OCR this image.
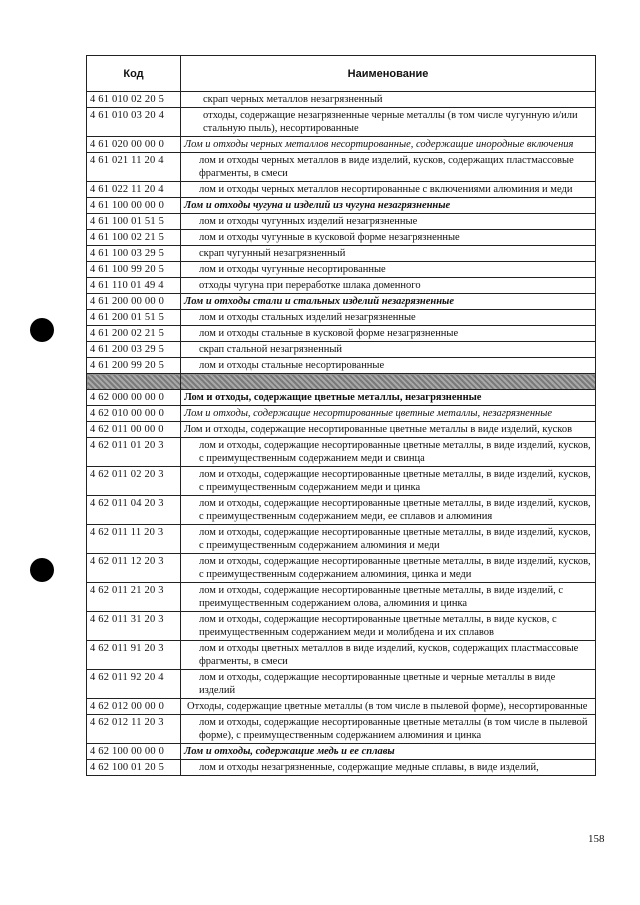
Код	Наименование
4 61 010 02 20 5	скрап черных металлов незагрязненный
4 61 010 03 20 4	отходы, содержащие незагрязненные черные металлы (в том числе чугунную и/или стальную пыль), несортированные
4 61 020 00 00 0	Лом и отходы черных металлов несортированные, содержащие инородные включения
4 61 021 11 20 4	лом и отходы черных металлов в виде изделий, кусков, содержащих пластмассовые фрагменты, в смеси
4 61 022 11 20 4	лом и отходы черных металлов несортированные с включениями алюминия и меди
4 61 100 00 00 0	Лом и отходы чугуна и изделий из чугуна незагрязненные
4 61 100 01 51 5	лом и отходы чугунных изделий незагрязненные
4 61 100 02 21 5	лом и отходы чугунные в кусковой форме незагрязненные
4 61 100 03 29 5	скрап чугунный незагрязненный
4 61 100 99 20 5	лом и отходы чугунные несортированные
4 61 110 01 49 4	отходы чугуна при переработке шлака доменного
4 61 200 00 00 0	Лом и отходы стали и стальных изделий незагрязненные
4 61 200 01 51 5	лом и отходы стальных изделий незагрязненные
4 61 200 02 21 5	лом и отходы стальные в кусковой форме незагрязненные
4 61 200 03 29 5	скрап стальной незагрязненный
4 61 200 99 20 5	лом и отходы стальные несортированные

4 62 000 00 00 0	Лом и отходы, содержащие цветные металлы, незагрязненные
4 62 010 00 00 0	Лом и отходы, содержащие несортированные цветные металлы, незагрязненные
4 62 011 00 00 0	Лом и отходы, содержащие несортированные цветные металлы в виде изделий, кусков
4 62 011 01 20 3	лом и отходы, содержащие несортированные цветные металлы, в виде изделий, кусков, с преимущественным содержанием меди и свинца
4 62 011 02 20 3	лом и отходы, содержащие несортированные цветные металлы, в виде изделий, кусков, с преимущественным содержанием меди и цинка
4 62 011 04 20 3	лом и отходы, содержащие несортированные цветные металлы, в виде изделий, кусков, с преимущественным содержанием меди, ее сплавов и алюминия
4 62 011 11 20 3	лом и отходы, содержащие несортированные цветные металлы, в виде изделий, кусков, с преимущественным содержанием алюминия и меди
4 62 011 12 20 3	лом и отходы, содержащие несортированные цветные металлы, в виде изделий, кусков, с преимущественным содержанием алюминия, цинка и меди
4 62 011 21 20 3	лом и отходы, содержащие несортированные цветные металлы, в виде изделий, с преимущественным содержанием олова, алюминия и цинка
4 62 011 31 20 3	лом и отходы, содержащие несортированные цветные металлы, в виде кусков, с преимущественным содержанием меди и молибдена и их сплавов
4 62 011 91 20 3	лом и отходы цветных металлов в виде изделий, кусков, содержащих пластмассовые фрагменты, в смеси
4 62 011 92 20 4	лом и отходы, содержащие несортированные цветные и черные металлы в виде изделий
4 62 012 00 00 0	Отходы, содержащие цветные металлы (в том числе в пылевой форме), несортированные
4 62 012 11 20 3	лом и отходы, содержащие несортированные цветные металлы (в том числе в пылевой форме), с преимущественным содержанием алюминия и цинка
4 62 100 00 00 0	Лом и отходы, содержащие медь и ее сплавы
4 62 100 01 20 5	лом и отходы незагрязненные, содержащие медные сплавы, в виде изделий,
158
